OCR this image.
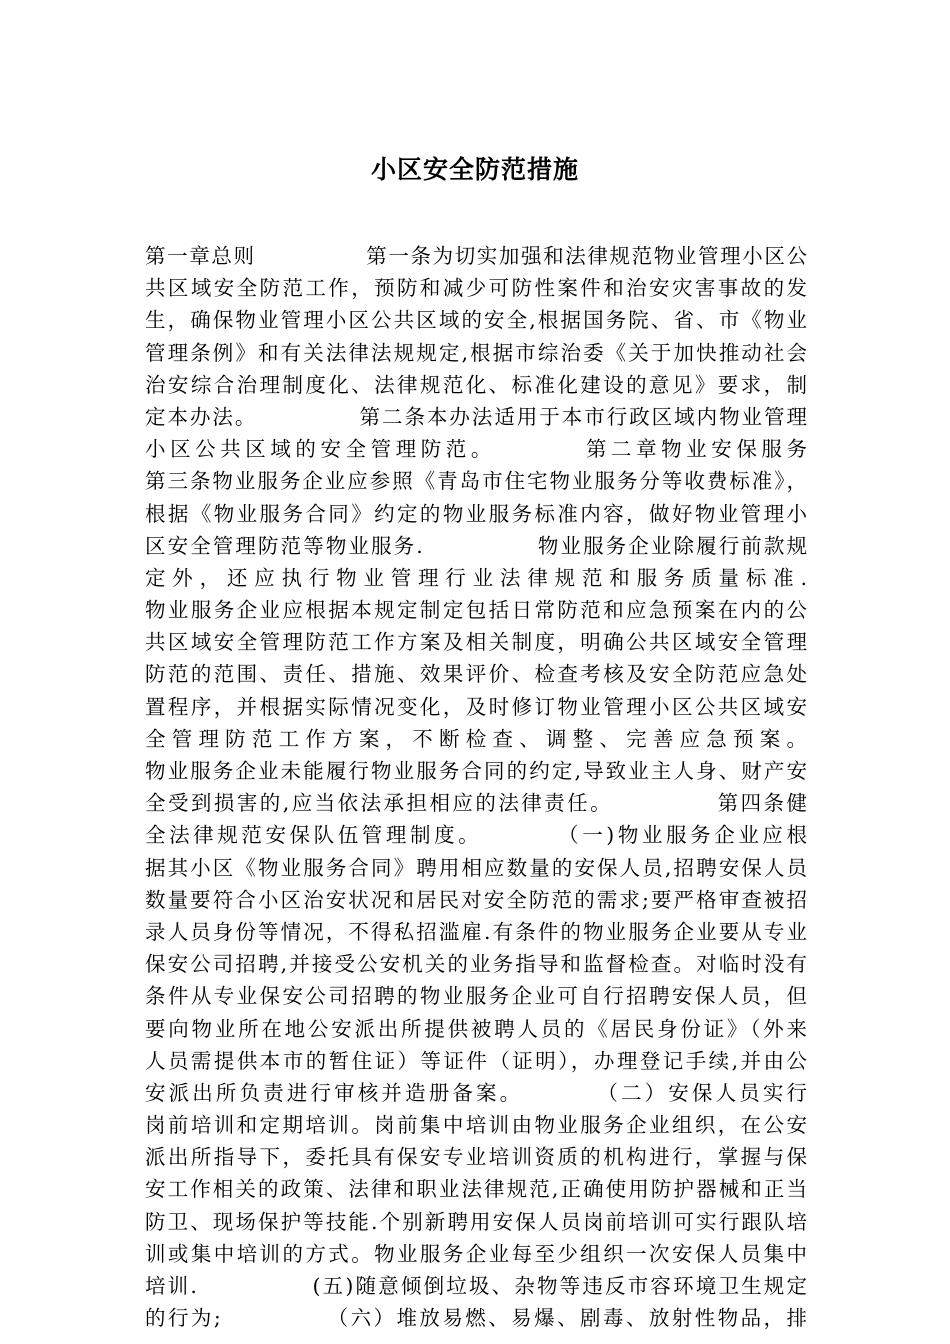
小区安全防范措施
第一章总则　　　　　第一条为切实加强和法律规范物业管理小区公
共区域安全防范工作，预防和减少可防性案件和治安灾害事故的发
生，确保物业管理小区公共区域的安全,根据国务院、省、市《物业
管理条例》和有关法律法规规定,根据市综治委《关于加快推动社会
治安综合治理制度化、法律规范化、标准化建设的意见》要求，制
定本办法。　　　　　第二条本办法适用于本市行政区域内物业管理
小区公共区域的安全管理防范。　　　　第二章物业安保服务
第三条物业服务企业应参照《青岛市住宅物业服务分等收费标准》，
根据《物业服务合同》约定的物业服务标准内容，做好物业管理小
区安全管理防范等物业服务.　　　　　物业服务企业除履行前款规
定外，还应执行物业管理行业法律规范和服务质量标准.
物业服务企业应根据本规定制定包括日常防范和应急预案在内的公
共区域安全管理防范工作方案及相关制度，明确公共区域安全管理
防范的范围、责任、措施、效果评价、检查考核及安全防范应急处
置程序，并根据实际情况变化，及时修订物业管理小区公共区域安
全管理防范工作方案，不断检查、调整、完善应急预案。
物业服务企业未能履行物业服务合同的约定,导致业主人身、财产安
全受到损害的,应当依法承担相应的法律责任。　　　　　第四条健
全法律规范安保队伍管理制度。　　　　（一)物业服务企业应根
据其小区《物业服务合同》聘用相应数量的安保人员,招聘安保人员
数量要符合小区治安状况和居民对安全防范的需求;要严格审查被招
录人员身份等情况，不得私招滥雇.有条件的物业服务企业要从专业
保安公司招聘,并接受公安机关的业务指导和监督检查。对临时没有
条件从专业保安公司招聘的物业服务企业可自行招聘安保人员，但
要向物业所在地公安派出所提供被聘人员的《居民身份证》（外来
人员需提供本市的暂住证）等证件（证明），办理登记手续,并由公
安派出所负责进行审核并造册备案。　　　　（二）安保人员实行
岗前培训和定期培训。岗前集中培训由物业服务企业组织，在公安
派出所指导下，委托具有保安专业培训资质的机构进行，掌握与保
安工作相关的政策、法律和职业法律规范,正确使用防护器械和正当
防卫、现场保护等技能.个别新聘用安保人员岗前培训可实行跟队培
训或集中培训的方式。物业服务企业每至少组织一次安保人员集中
培训.　　　　　(五)随意倾倒垃圾、杂物等违反市容环境卫生规定
的行为;　　　　　（六）堆放易燃、易爆、剧毒、放射性物品，排
